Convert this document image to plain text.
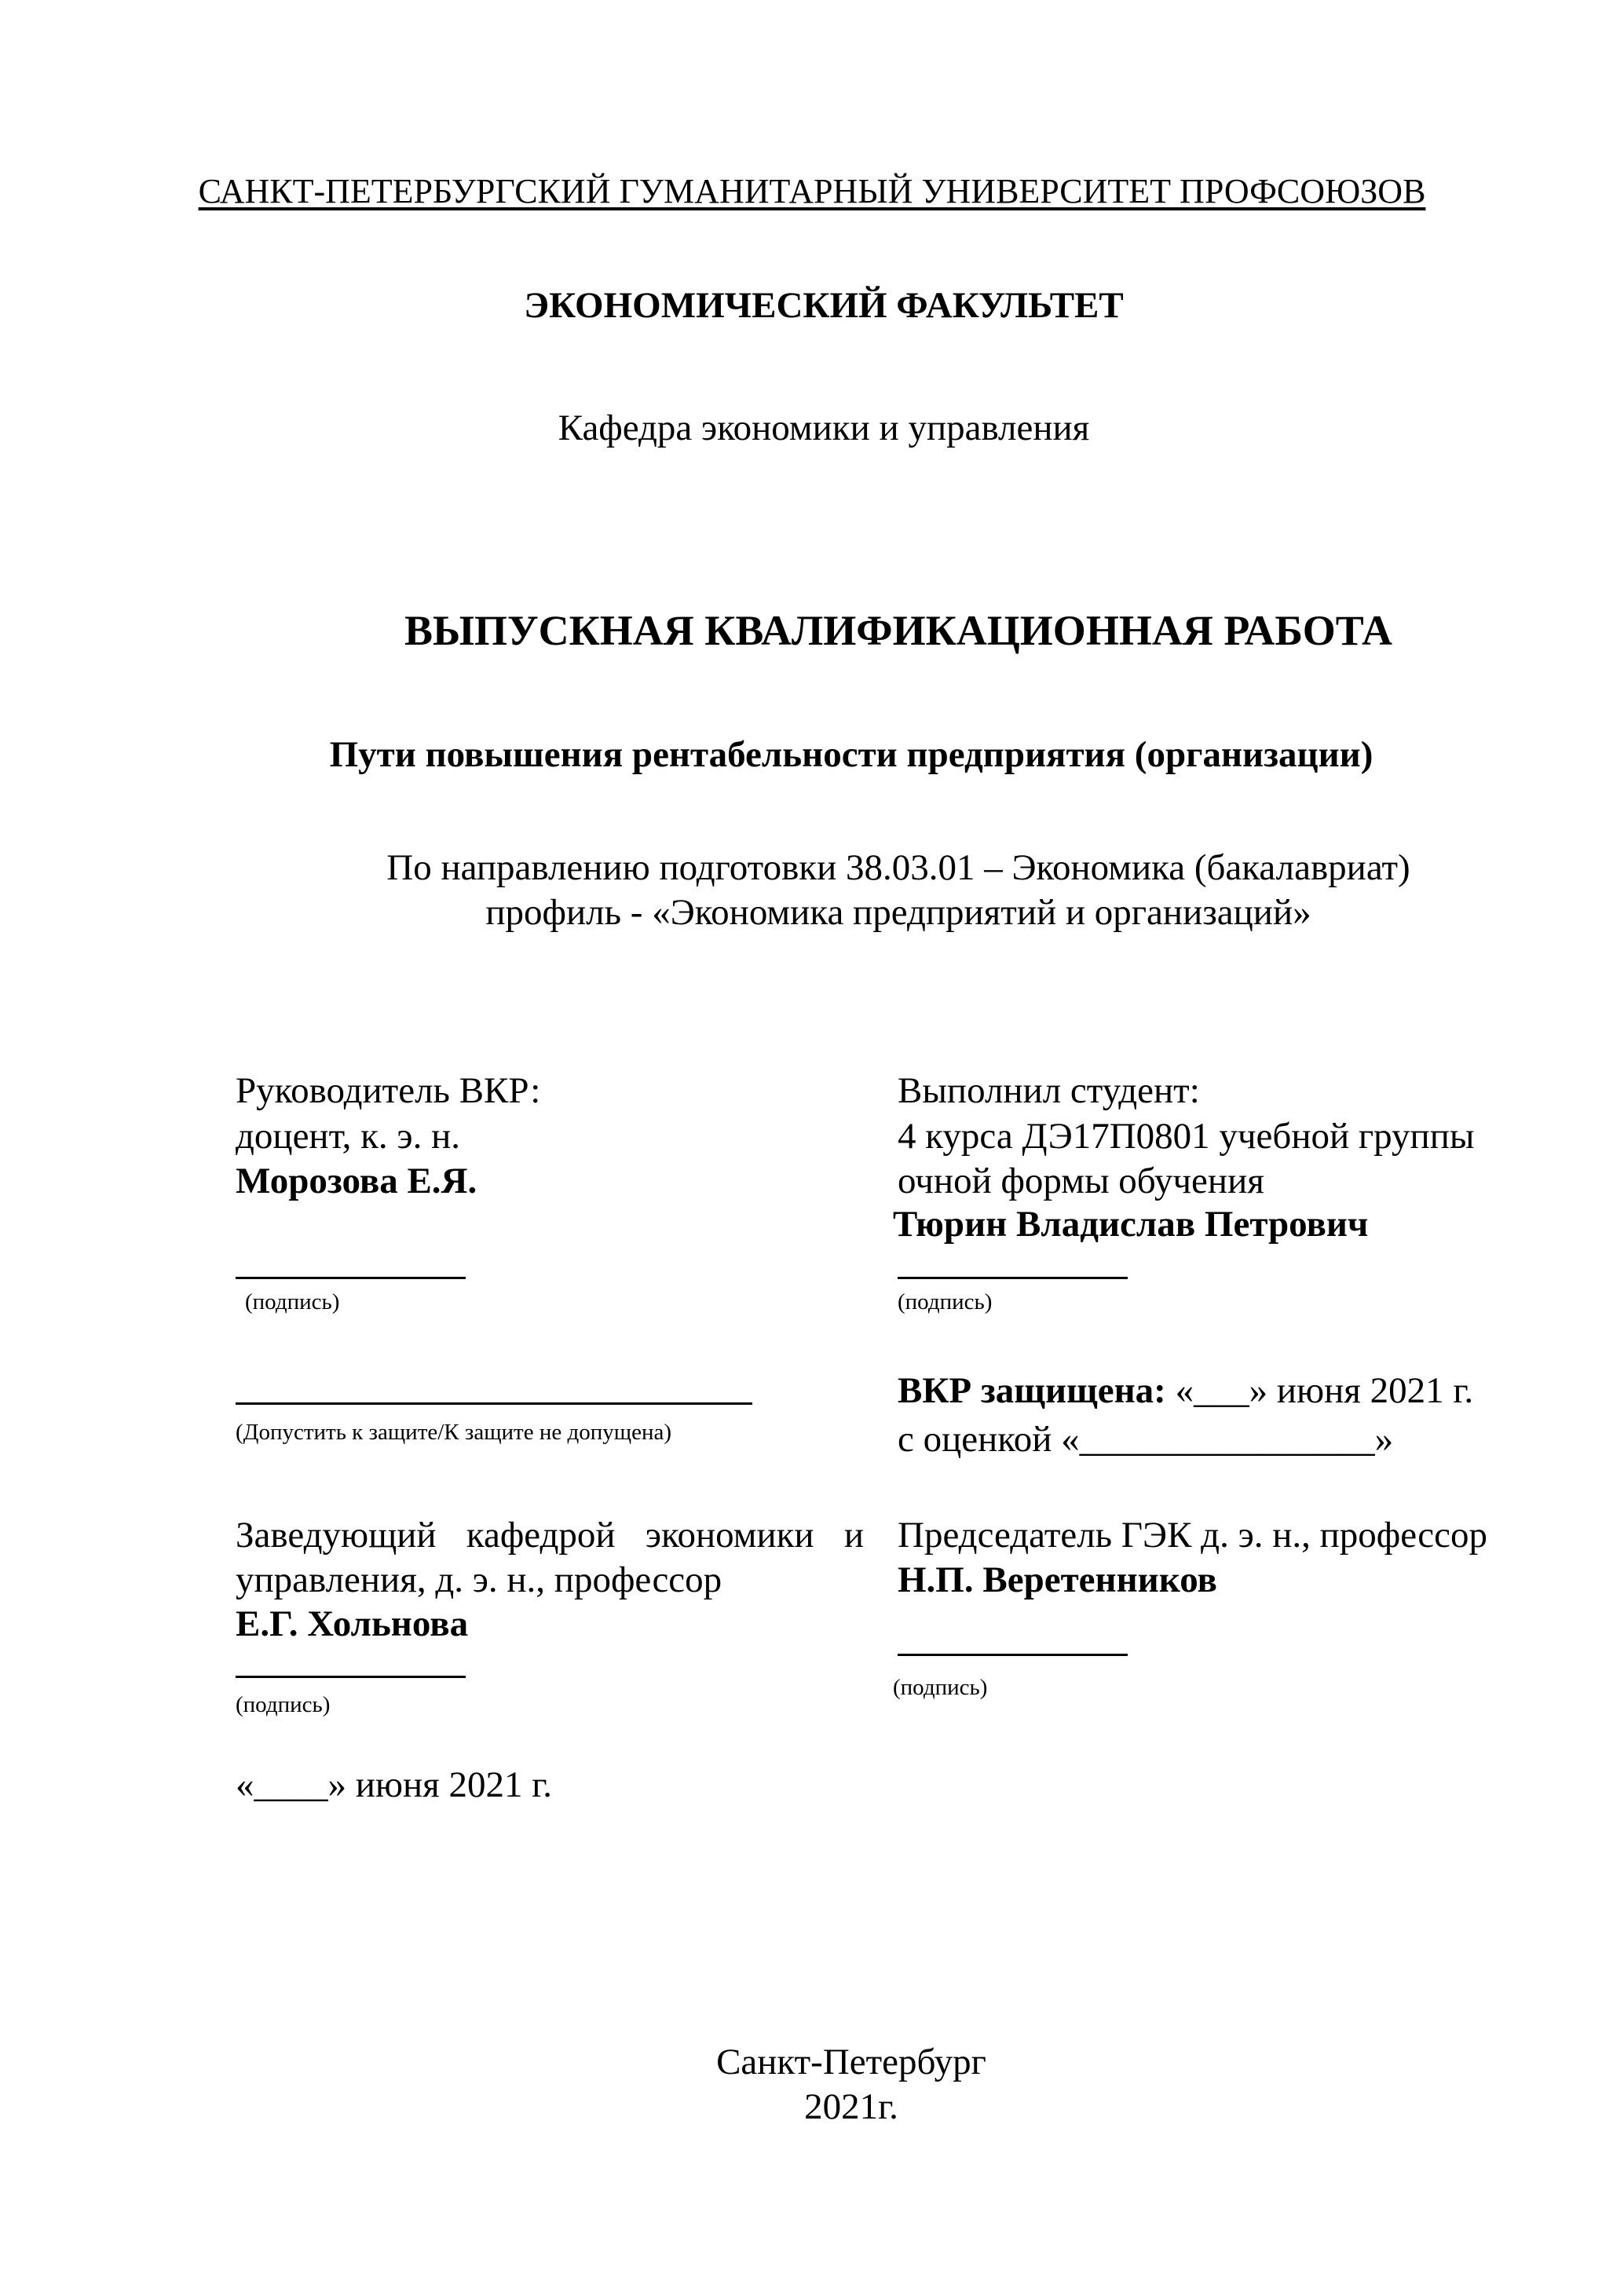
САНКТ-ПЕТЕРБУРГСКИЙ ГУМАНИТАРНЫЙ УНИВЕРСИТЕТ ПРОФСОЮЗОВ
ЭКОНОМИЧЕСКИЙ ФАКУЛЬТЕТ
Кафедра экономики и управления
ВЫПУСКНАЯ КВАЛИФИКАЦИОННАЯ РАБОТА
Пути повышения рентабельности предприятия (организации)
По направлению подготовки 38.03.01 – Экономика (бакалавриат)
профиль - «Экономика предприятий и организаций»
Руководитель ВКР:
доцент, к. э. н.
Морозова Е.Я.
(подпись)
(Допустить к защите/К защите не допущена)
Выполнил студент:
4 курса ДЭ17П0801 учебной группы
очной формы обучения
Тюрин Владислав Петрович
(подпись)
ВКР защищена: «___» июня 2021 г.
с оценкой «________________»
Заведующий кафедрой экономики и
управления, д. э. н., профессор
Е.Г. Хольнова
(подпись)
Председатель ГЭК д. э. н., профессор
Н.П. Веретенников
(подпись)
«____» июня 2021 г.
Санкт-Петербург
2021г.
